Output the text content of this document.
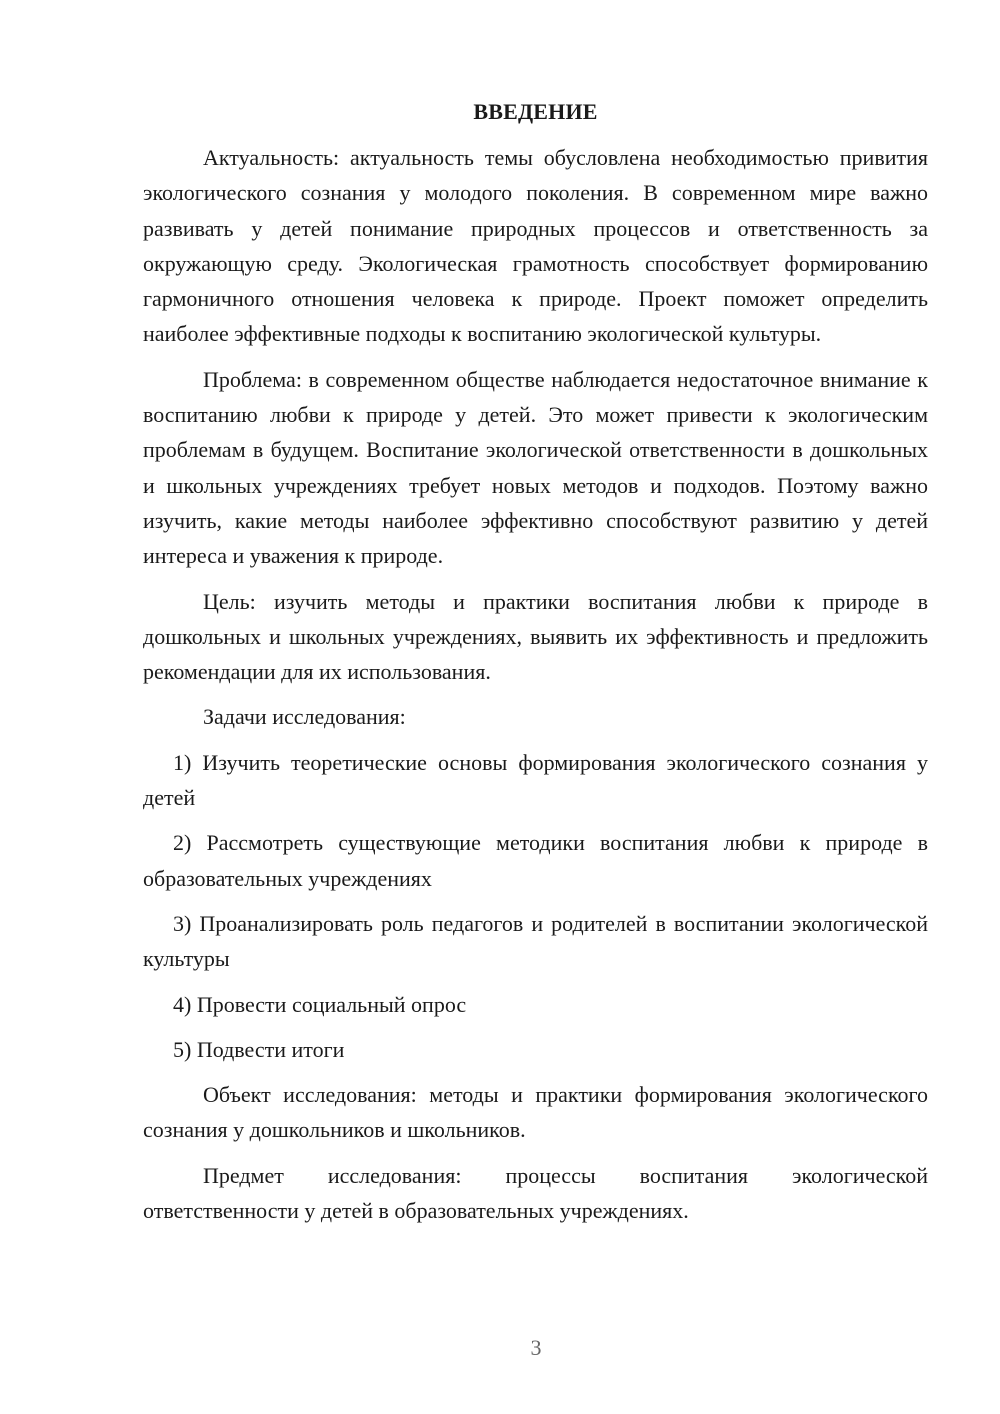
ВВЕДЕНИЕ

Актуальность: актуальность темы обусловлена необходимостью привития экологического сознания у молодого поколения. В современном мире важно развивать у детей понимание природных процессов и ответственность за окружающую среду. Экологическая грамотность способствует формированию гармоничного отношения человека к природе. Проект поможет определить наиболее эффективные подходы к воспитанию экологической культуры.

Проблема: в современном обществе наблюдается недостаточное внимание к воспитанию любви к природе у детей. Это может привести к экологическим проблемам в будущем. Воспитание экологической ответственности в дошкольных и школьных учреждениях требует новых методов и подходов. Поэтому важно изучить, какие методы наиболее эффективно способствуют развитию у детей интереса и уважения к природе.

Цель: изучить методы и практики воспитания любви к природе в дошкольных и школьных учреждениях, выявить их эффективность и предложить рекомендации для их использования.

Задачи исследования:

1) Изучить теоретические основы формирования экологического сознания у детей

2) Рассмотреть существующие методики воспитания любви к природе в образовательных учреждениях

3) Проанализировать роль педагогов и родителей в воспитании экологической культуры

4) Провести социальный опрос

5) Подвести итоги

Объект исследования: методы и практики формирования экологического сознания у дошкольников и школьников.

Предмет исследования: процессы воспитания экологической ответственности у детей в образовательных учреждениях.

3
